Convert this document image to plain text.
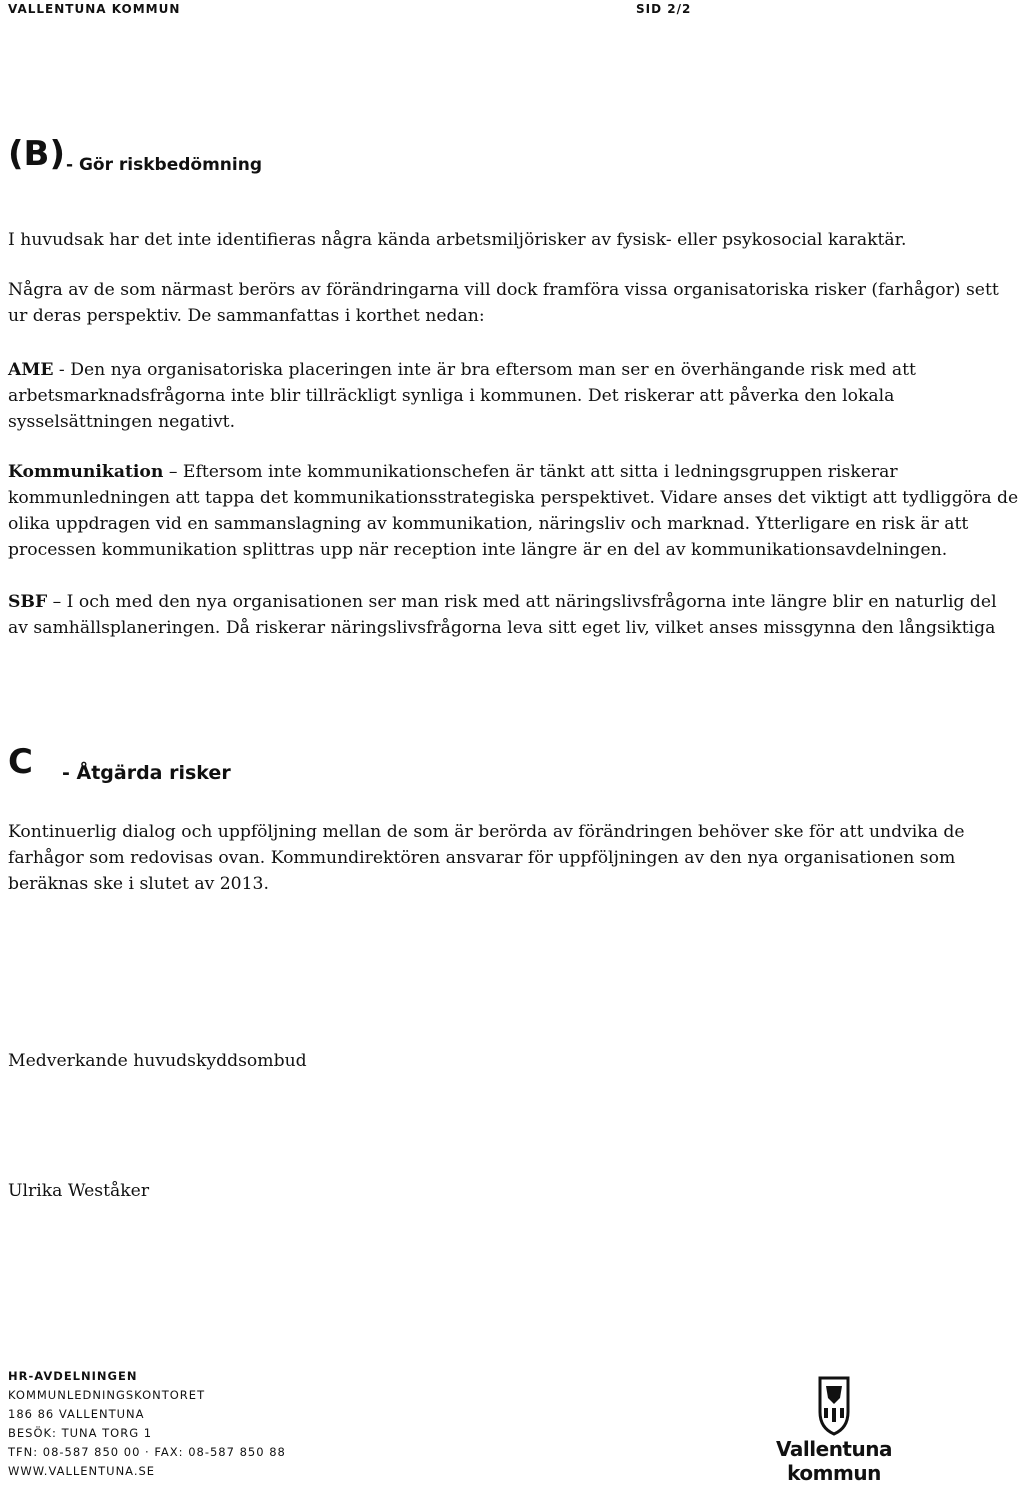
VALLENTUNA KOMMUN	SID 2/2
(B) - Gör riskbedömning

I huvudsak har det inte identifieras några kända arbetsmiljörisker av fysisk- eller psykosocial karaktär.

Några av de som närmast berörs av förändringarna vill dock framföra vissa organisatoriska risker (farhågor) sett ur deras perspektiv. De sammanfattas i korthet nedan:

AME - Den nya organisatoriska placeringen inte är bra eftersom man ser en överhängande risk med att arbetsmarknadsfrågorna inte blir tillräckligt synliga i kommunen. Det riskerar att påverka den lokala sysselsättningen negativt.

Kommunikation – Eftersom inte kommunikationschefen är tänkt att sitta i ledningsgruppen riskerar kommunledningen att tappa det kommunikationsstrategiska perspektivet. Vidare anses det viktigt att tydliggöra de olika uppdragen vid en sammanslagning av kommunikation, näringsliv och marknad. Ytterligare en risk är att processen kommunikation splittras upp när reception inte längre är en del av kommunikationsavdelningen.

SBF – I och med den nya organisationen ser man risk med att näringslivsfrågorna inte längre blir en naturlig del av samhällsplaneringen. Då riskerar näringslivsfrågorna leva sitt eget liv, vilket anses missgynna den långsiktiga

C - Åtgärda risker

Kontinuerlig dialog och uppföljning mellan de som är berörda av förändringen behöver ske för att undvika de farhågor som redovisas ovan. Kommundirektören ansvarar för uppföljningen av den nya organisationen som beräknas ske i slutet av 2013.

Medverkande huvudskyddsombud

Ulrika Weståker

HR-AVDELNINGEN
KOMMUNLEDNINGSKONTORET
186 86 VALLENTUNA
BESÖK: TUNA TORG 1
TFN: 08-587 850 00 · FAX: 08-587 850 88
WWW.VALLENTUNA.SE
Vallentuna
kommun
